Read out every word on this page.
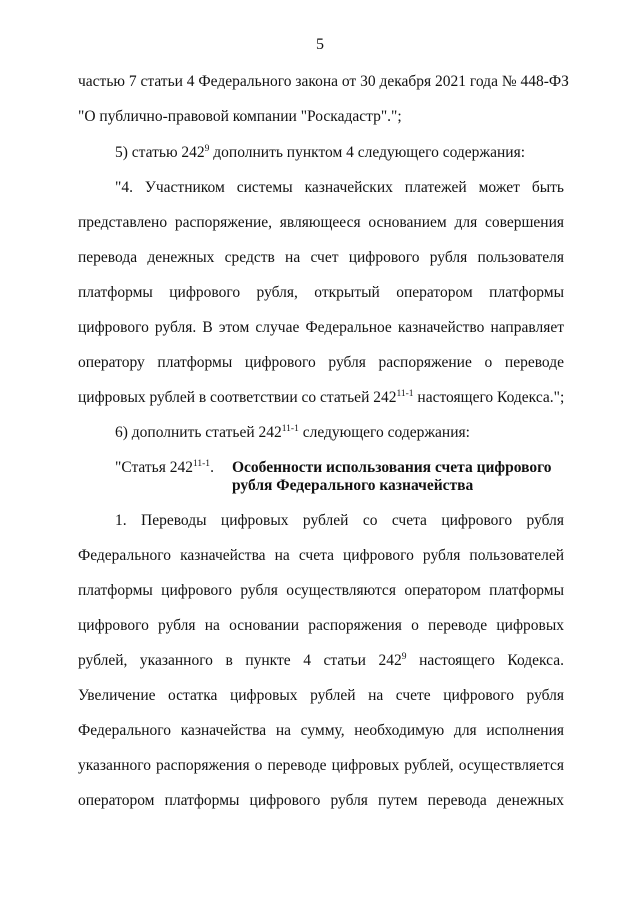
5
частью 7 статьи 4 Федерального закона от 30 декабря 2021 года № 448-ФЗ
"О публично-правовой компании "Роскадастр".";
5) статью $242^9$ дополнить пунктом 4 следующего содержания:
"4. Участником системы казначейских платежей может быть
представлено распоряжение, являющееся основанием для совершения
перевода денежных средств на счет цифрового рубля пользователя
платформы цифрового рубля, открытый оператором платформы
цифрового рубля. В этом случае Федеральное казначейство направляет
оператору платформы цифрового рубля распоряжение о переводе
цифровых рублей в соответствии со статьей 242$^{11-1}$ настоящего Кодекса.";
6) дополнить статьей 242$^{11-1}$ следующего содержания:
"Статья 242$^{11-1}$. Особенности использования счета цифрового
рубля Федерального казначейства
1. Переводы цифровых рублей со счета цифрового рубля
Федерального казначейства на счета цифрового рубля пользователей
платформы цифрового рубля осуществляются оператором платформы
цифрового рубля на основании распоряжения о переводе цифровых
рублей, указанного в пункте 4 статьи $242^9$ настоящего Кодекса.
Увеличение остатка цифровых рублей на счете цифрового рубля
Федерального казначейства на сумму, необходимую для исполнения
указанного распоряжения о переводе цифровых рублей, осуществляется
оператором платформы цифрового рубля путем перевода денежных
